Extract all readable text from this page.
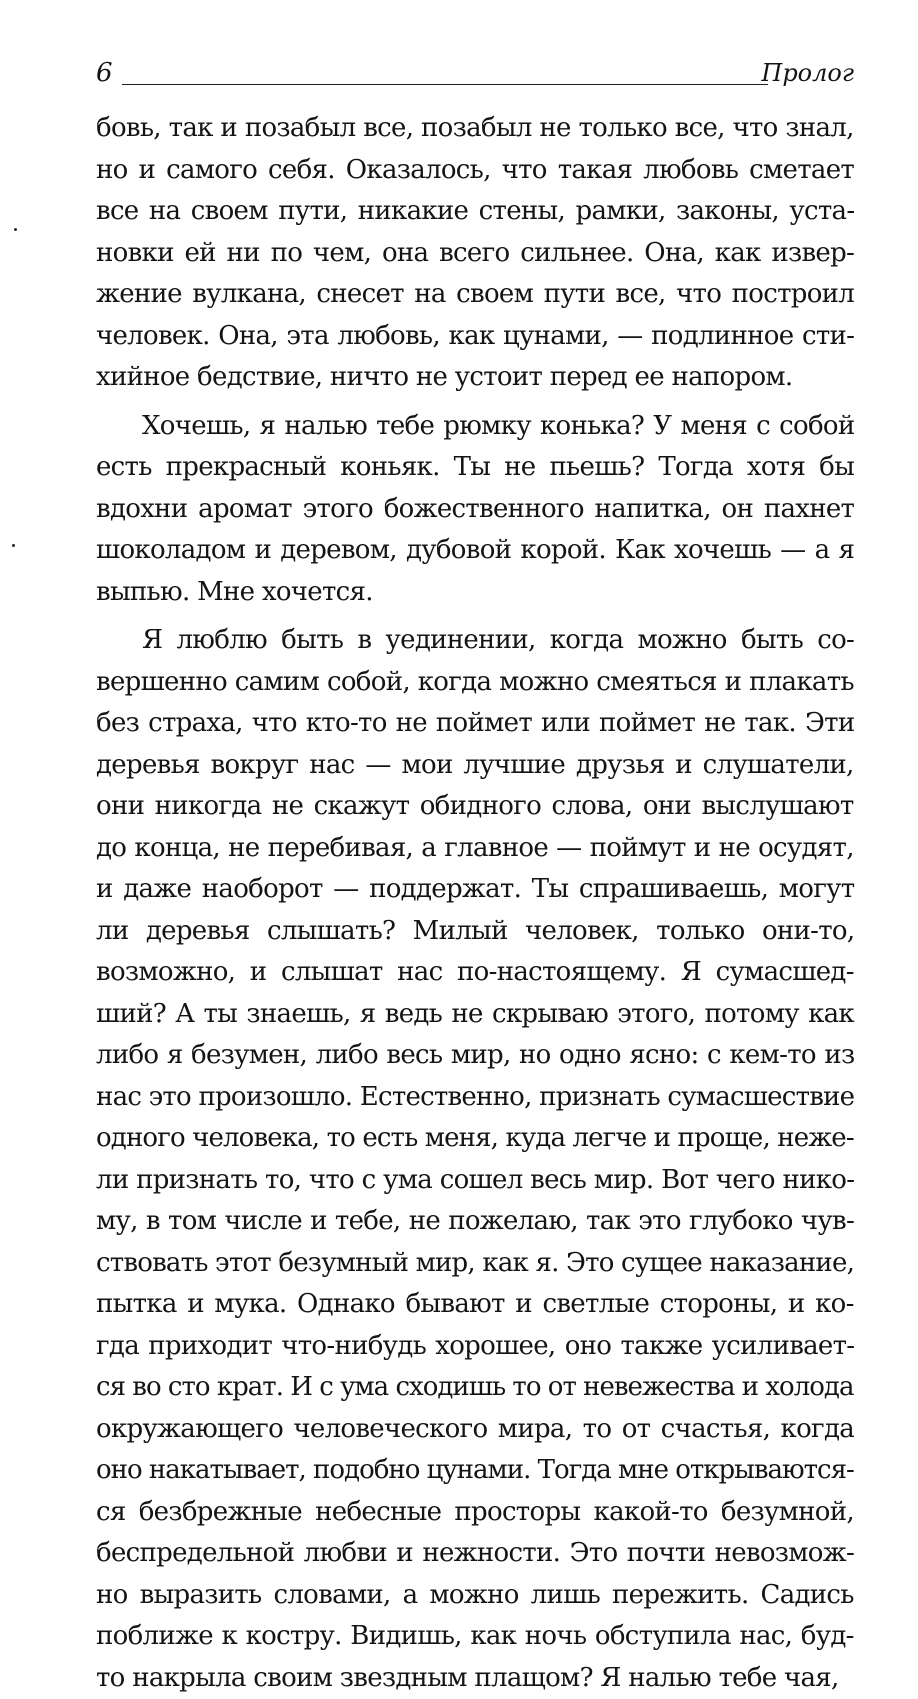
6	Пролог
бовь, так и позабыл все, позабыл не только все, что знал,
но и самого себя. Оказалось, что такая любовь сметает
все на своем пути, никакие стены, рамки, законы, уста-
новки ей ни по чем, она всего сильнее. Она, как извер-
жение вулкана, снесет на своем пути все, что построил
человек. Она, эта любовь, как цунами, — подлинное сти-
хийное бедствие, ничто не устоит перед ее напором.
Хочешь, я налью тебе рюмку конька? У меня с собой
есть прекрасный коньяк. Ты не пьешь? Тогда хотя бы
вдохни аромат этого божественного напитка, он пахнет
шоколадом и деревом, дубовой корой. Как хочешь — а я
выпью. Мне хочется.
Я люблю быть в уединении, когда можно быть со-
вершенно самим собой, когда можно смеяться и плакать
без страха, что кто-то не поймет или поймет не так. Эти
деревья вокруг нас — мои лучшие друзья и слушатели,
они никогда не скажут обидного слова, они выслушают
до конца, не перебивая, а главное — поймут и не осудят,
и даже наоборот — поддержат. Ты спрашиваешь, могут
ли деревья слышать? Милый человек, только они-то,
возможно, и слышат нас по-настоящему. Я сумасшед-
ший? А ты знаешь, я ведь не скрываю этого, потому как
либо я безумен, либо весь мир, но одно ясно: с кем-то из
нас это произошло. Естественно, признать сумасшествие
одного человека, то есть меня, куда легче и проще, неже-
ли признать то, что с ума сошел весь мир. Вот чего нико-
му, в том числе и тебе, не пожелаю, так это глубоко чув-
ствовать этот безумный мир, как я. Это сущее наказание,
пытка и мука. Однако бывают и светлые стороны, и ко-
гда приходит что-нибудь хорошее, оно также усиливает-
ся во сто крат. И с ума сходишь то от невежества и холода
окружающего человеческого мира, то от счастья, когда
оно накатывает, подобно цунами. Тогда мне открываются-
ся безбрежные небесные просторы какой-то безумной,
беспредельной любви и нежности. Это почти невозмож-
но выразить словами, а можно лишь пережить. Садись
поближе к костру. Видишь, как ночь обступила нас, буд-
то накрыла своим звездным плащом? Я налью тебе чая,
